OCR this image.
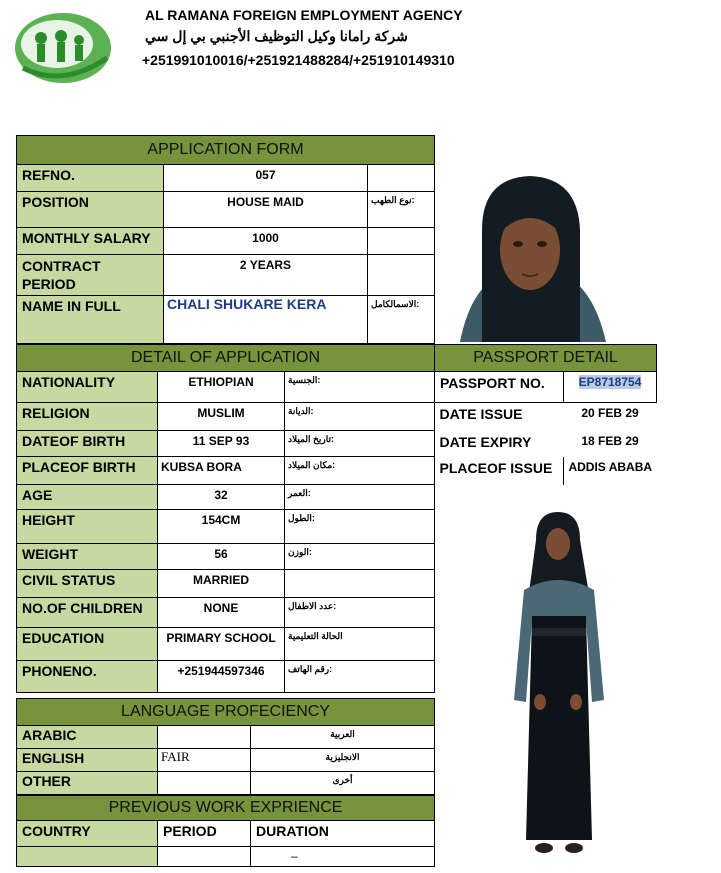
AL RAMANA FOREIGN EMPLOYMENT AGENCY
شركة رامانا وكيل التوظيف الأجنبي بي إل سي
+251991010016/+251921488284/+251910149310
APPLICATION FORM		
REFNO.	057	
POSITION	HOUSE MAID	:نوع الطهب
MONTHLY SALARY	1000	
CONTRACT PERIOD	2 YEARS	
NAME IN FULL	CHALI SHUKARE KERA	:الاسمالكامل
DETAIL OF APPLICATION		
NATIONALITY	ETHIOPIAN	:الجنسية
RELIGION	MUSLIM	:الديانة
DATEOF BIRTH	11 SEP 93	:تاريخ الميلاد
PLACEOF BIRTH	KUBSA BORA	:مكان الميلاد
AGE	32	:العمر
HEIGHT	154CM	:الطول
WEIGHT	56	:الوزن
CIVIL STATUS	MARRIED	
NO.OF CHILDREN	NONE	:عدد الاطفال
EDUCATION	PRIMARY SCHOOL	الحالة التعليمية
PHONENO.	+251944597346	:رقم الهاتف
PASSPORT DETAIL	
PASSPORT NO.	EP8718754
DATE ISSUE	20 FEB 29
DATE EXPIRY	18 FEB 29
PLACEOF ISSUE	ADDIS ABABA
LANGUAGE PROFECIENCY		
ARABIC		العربية
ENGLISH	FAIR	الانجليزية
OTHER		أخرى
PREVIOUS WORK EXPRIENCE		
COUNTRY	PERIOD	DURATION

		–
